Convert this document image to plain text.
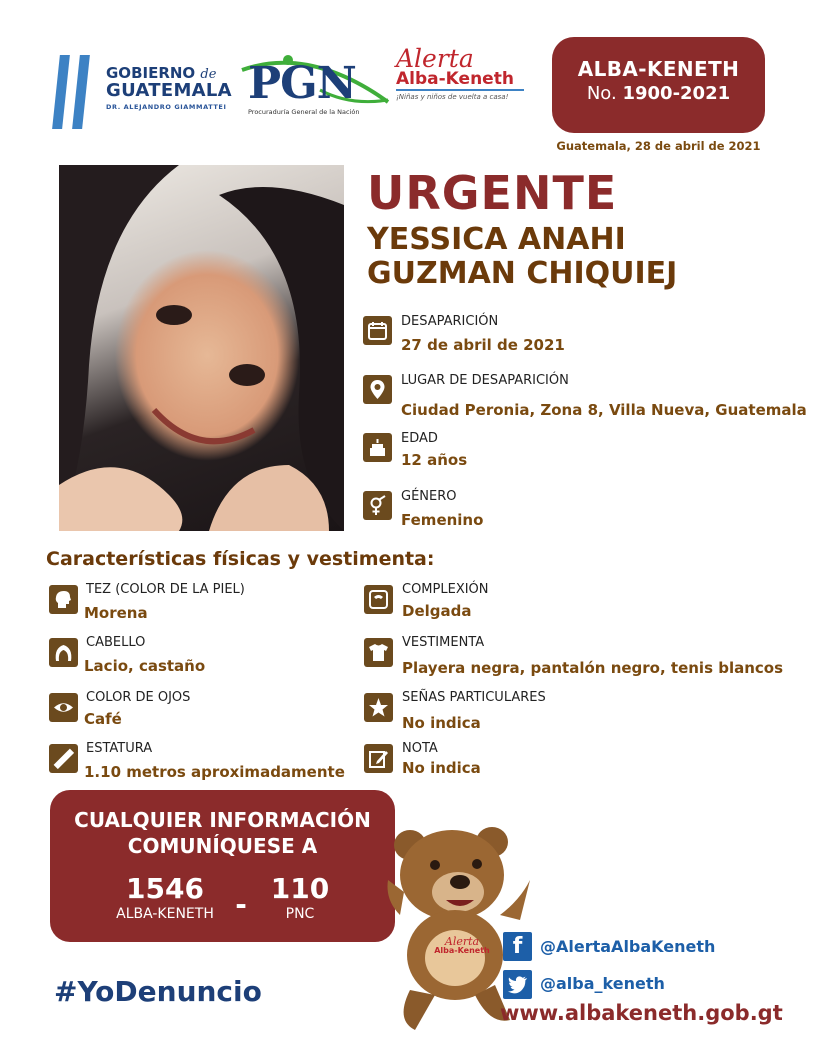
GOBIERNO de
GUATEMALA
DR. ALEJANDRO GIAMMATTEI PGN
Procuraduría General de la Nación
Alerta
Alba-Keneth
¡Niñas y niños de vuelta a casa!
ALBA-KENETH
No. 1900-2021
Guatemala, 28 de abril de 2021
URGENTE
YESSICA ANAHI
GUZMAN CHIQUIEJ
DESAPARICIÓN
27 de abril de 2021
LUGAR DE DESAPARICIÓN
Ciudad Peronia, Zona 8, Villa Nueva, Guatemala
EDAD
12 años
GÉNERO
Femenino
Características físicas y vestimenta:
TEZ (COLOR DE LA PIEL)
Morena
CABELLO
Lacio, castaño
COLOR DE OJOS
Café
ESTATURA
1.10 metros aproximadamente
COMPLEXIÓN
Delgada
VESTIMENTA
Playera negra, pantalón negro, tenis blancos
SEÑAS PARTICULARES
No indica
NOTA
No indica
CUALQUIER INFORMACIÓN
COMUNÍQUESE A
1546
ALBA-KENETH - 110
PNC
#YoDenuncio
Alerta
Alba-Keneth	f	@AlertaAlbaKeneth
@alba_keneth
www.albakeneth.gob.gt
